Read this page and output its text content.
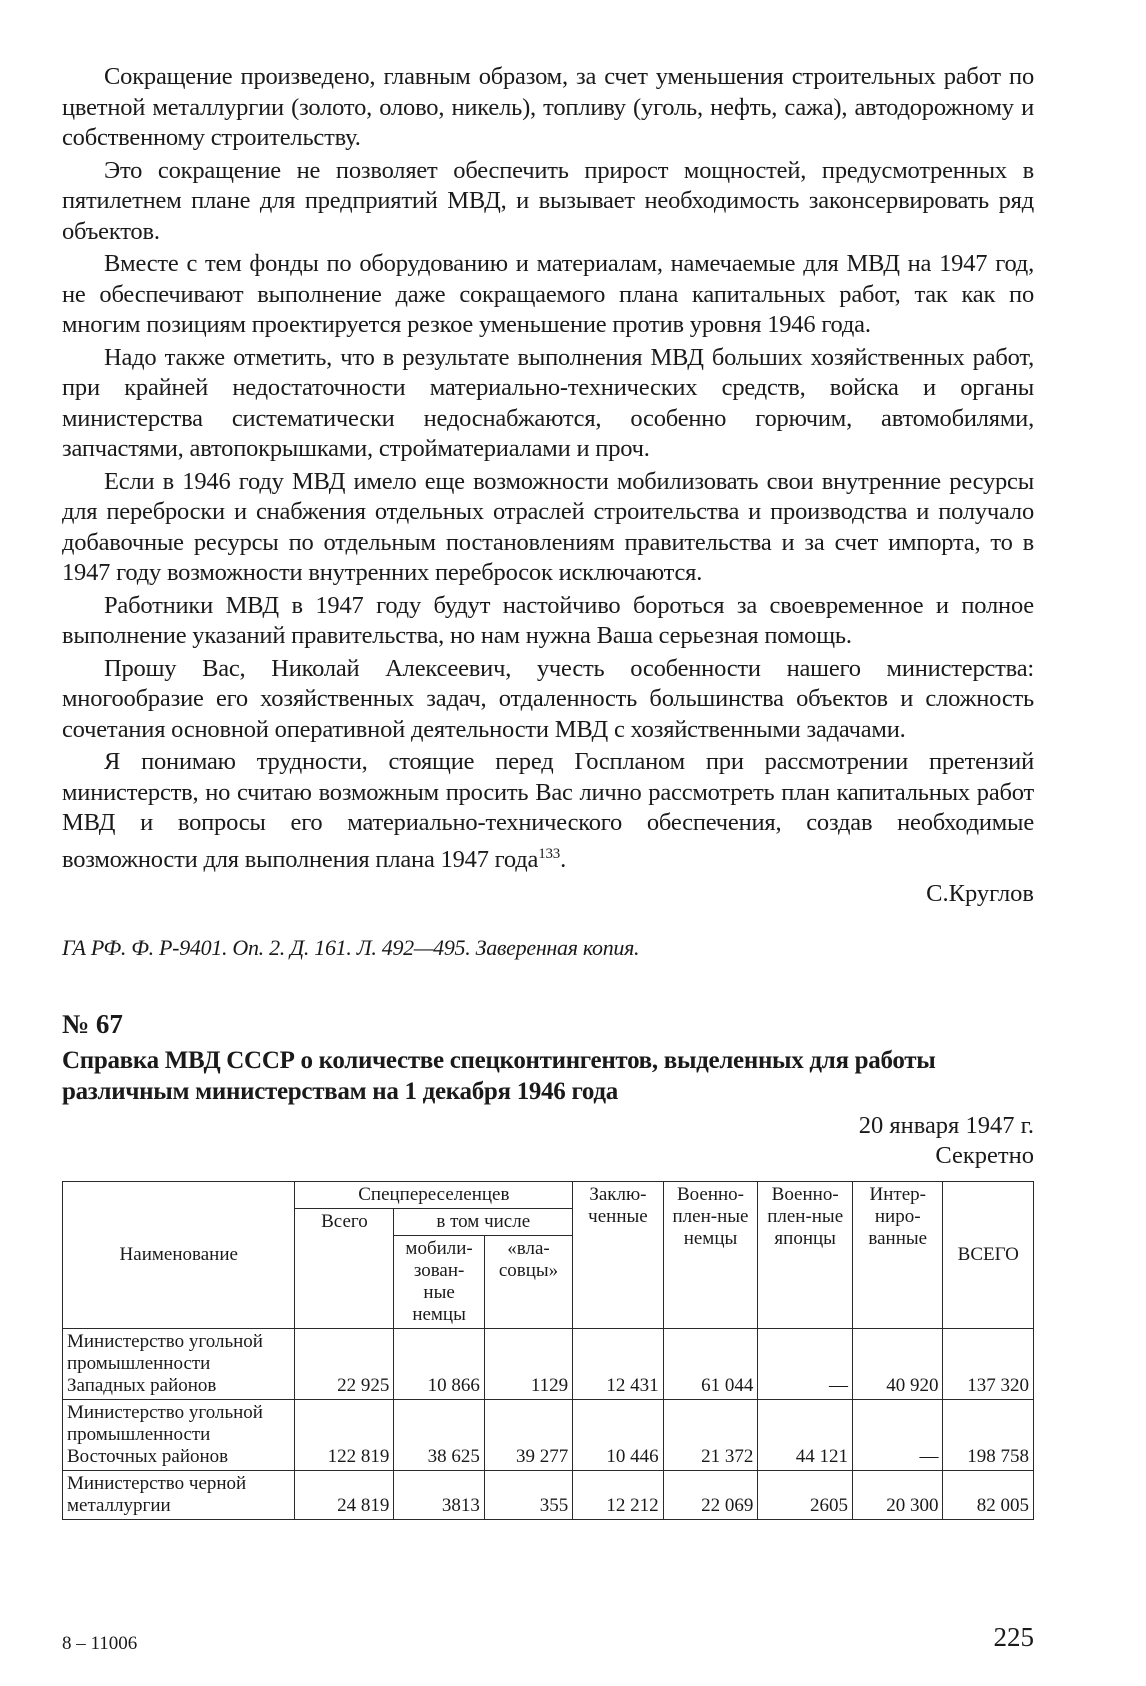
Сокращение произведено, главным образом, за счет уменьшения строительных работ по цветной металлургии (золото, олово, никель), топливу (уголь, нефть, сажа), автодорожному и собственному строительству.

Это сокращение не позволяет обеспечить прирост мощностей, предусмотренных в пятилетнем плане для предприятий МВД, и вызывает необходимость законсервировать ряд объектов.

Вместе с тем фонды по оборудованию и материалам, намечаемые для МВД на 1947 год, не обеспечивают выполнение даже сокращаемого плана капитальных работ, так как по многим позициям проектируется резкое уменьшение против уровня 1946 года.

Надо также отметить, что в результате выполнения МВД больших хозяйственных работ, при крайней недостаточности материально-технических средств, войска и органы министерства систематически недоснабжаются, особенно горючим, автомобилями, запчастями, автопокрышками, стройматериалами и проч.

Если в 1946 году МВД имело еще возможности мобилизовать свои внутренние ресурсы для переброски и снабжения отдельных отраслей строительства и производства и получало добавочные ресурсы по отдельным постановлениям правительства и за счет импорта, то в 1947 году возможности внутренних перебросок исключаются.

Работники МВД в 1947 году будут настойчиво бороться за своевременное и полное выполнение указаний правительства, но нам нужна Ваша серьезная помощь.

Прошу Вас, Николай Алексеевич, учесть особенности нашего министерства: многообразие его хозяйственных задач, отдаленность большинства объектов и сложность сочетания основной оперативной деятельности МВД с хозяйственными задачами.

Я понимаю трудности, стоящие перед Госпланом при рассмотрении претензий министерств, но считаю возможным просить Вас лично рассмотреть план капитальных работ МВД и вопросы его материально-технического обеспечения, создав необходимые возможности для выполнения плана 1947 года$^{133}$.

С.Круглов

ГА РФ. Ф. Р-9401. Оп. 2. Д. 161. Л. 492—495. Заверенная копия.

№ 67
Справка МВД СССР о количестве спецконтингентов, выделенных для работы различным министерствам на 1 декабря 1946 года

20 января 1947 г.

Секретно

Наименование	Спецпереселенцев			Заклю-ченные	Военно-плен-ные немцы	Военно-плен-ные японцы	Интер-ниро-ванные	ВСЕГО
	Всего	в том числе						
		мобили-зован-ные немцы	«вла-совцы»					
Министерство угольной промышленности Западных районов	22 925	10 866	1129	12 431	61 044	—	40 920	137 320
Министерство угольной промышленности Восточных районов	122 819	38 625	39 277	10 446	21 372	44 121	—	198 758
Министерство черной металлургии	24 819	3813	355	12 212	22 069	2605	20 300	82 005
8 – 11006	225
